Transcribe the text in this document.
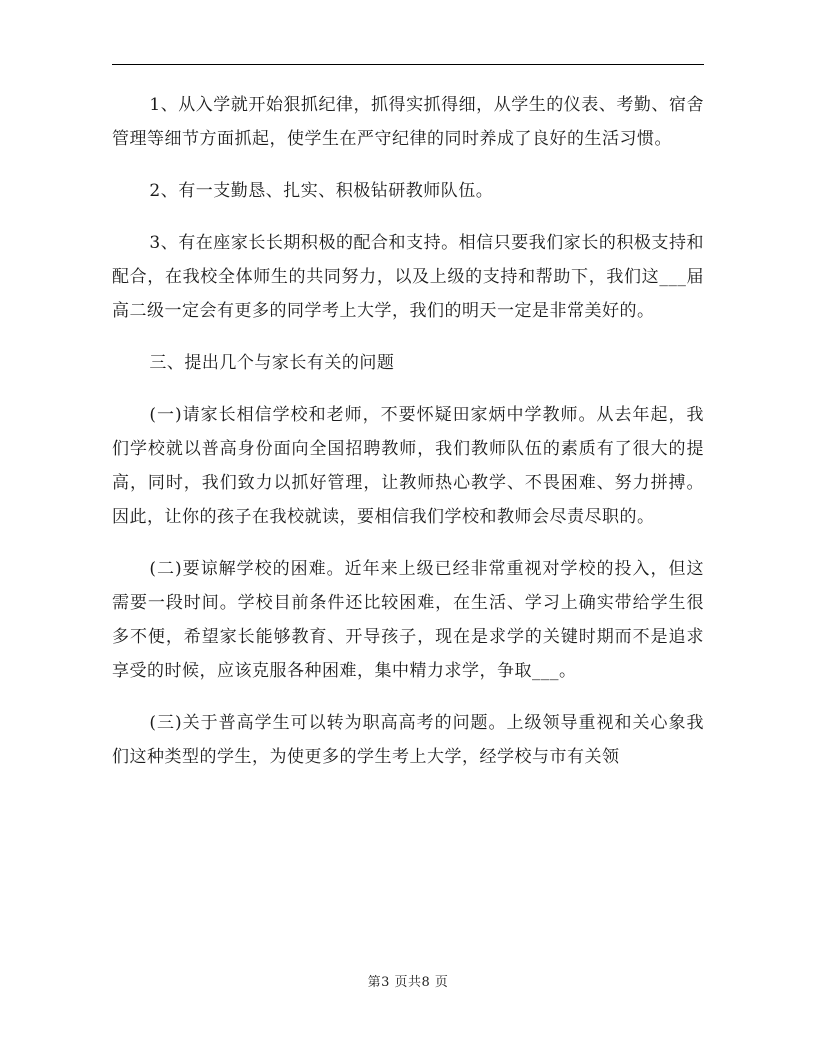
1、从入学就开始狠抓纪律，抓得实抓得细，从学生的仪表、考勤、宿舍管理等细节方面抓起，使学生在严守纪律的同时养成了良好的生活习惯。

2、有一支勤恳、扎实、积极钻研教师队伍。

3、有在座家长长期积极的配合和支持。相信只要我们家长的积极支持和配合，在我校全体师生的共同努力，以及上级的支持和帮助下，我们这___届高二级一定会有更多的同学考上大学，我们的明天一定是非常美好的。

三、提出几个与家长有关的问题

(一)请家长相信学校和老师，不要怀疑田家炳中学教师。从去年起，我们学校就以普高身份面向全国招聘教师，我们教师队伍的素质有了很大的提高，同时，我们致力以抓好管理，让教师热心教学、不畏困难、努力拼搏。因此，让你的孩子在我校就读，要相信我们学校和教师会尽责尽职的。

(二)要谅解学校的困难。近年来上级已经非常重视对学校的投入，但这需要一段时间。学校目前条件还比较困难，在生活、学习上确实带给学生很多不便，希望家长能够教育、开导孩子，现在是求学的关键时期而不是追求享受的时候，应该克服各种困难，集中精力求学，争取___。

(三)关于普高学生可以转为职高高考的问题。上级领导重视和关心象我们这种类型的学生，为使更多的学生考上大学，经学校与市有关领

第3 页共8 页
